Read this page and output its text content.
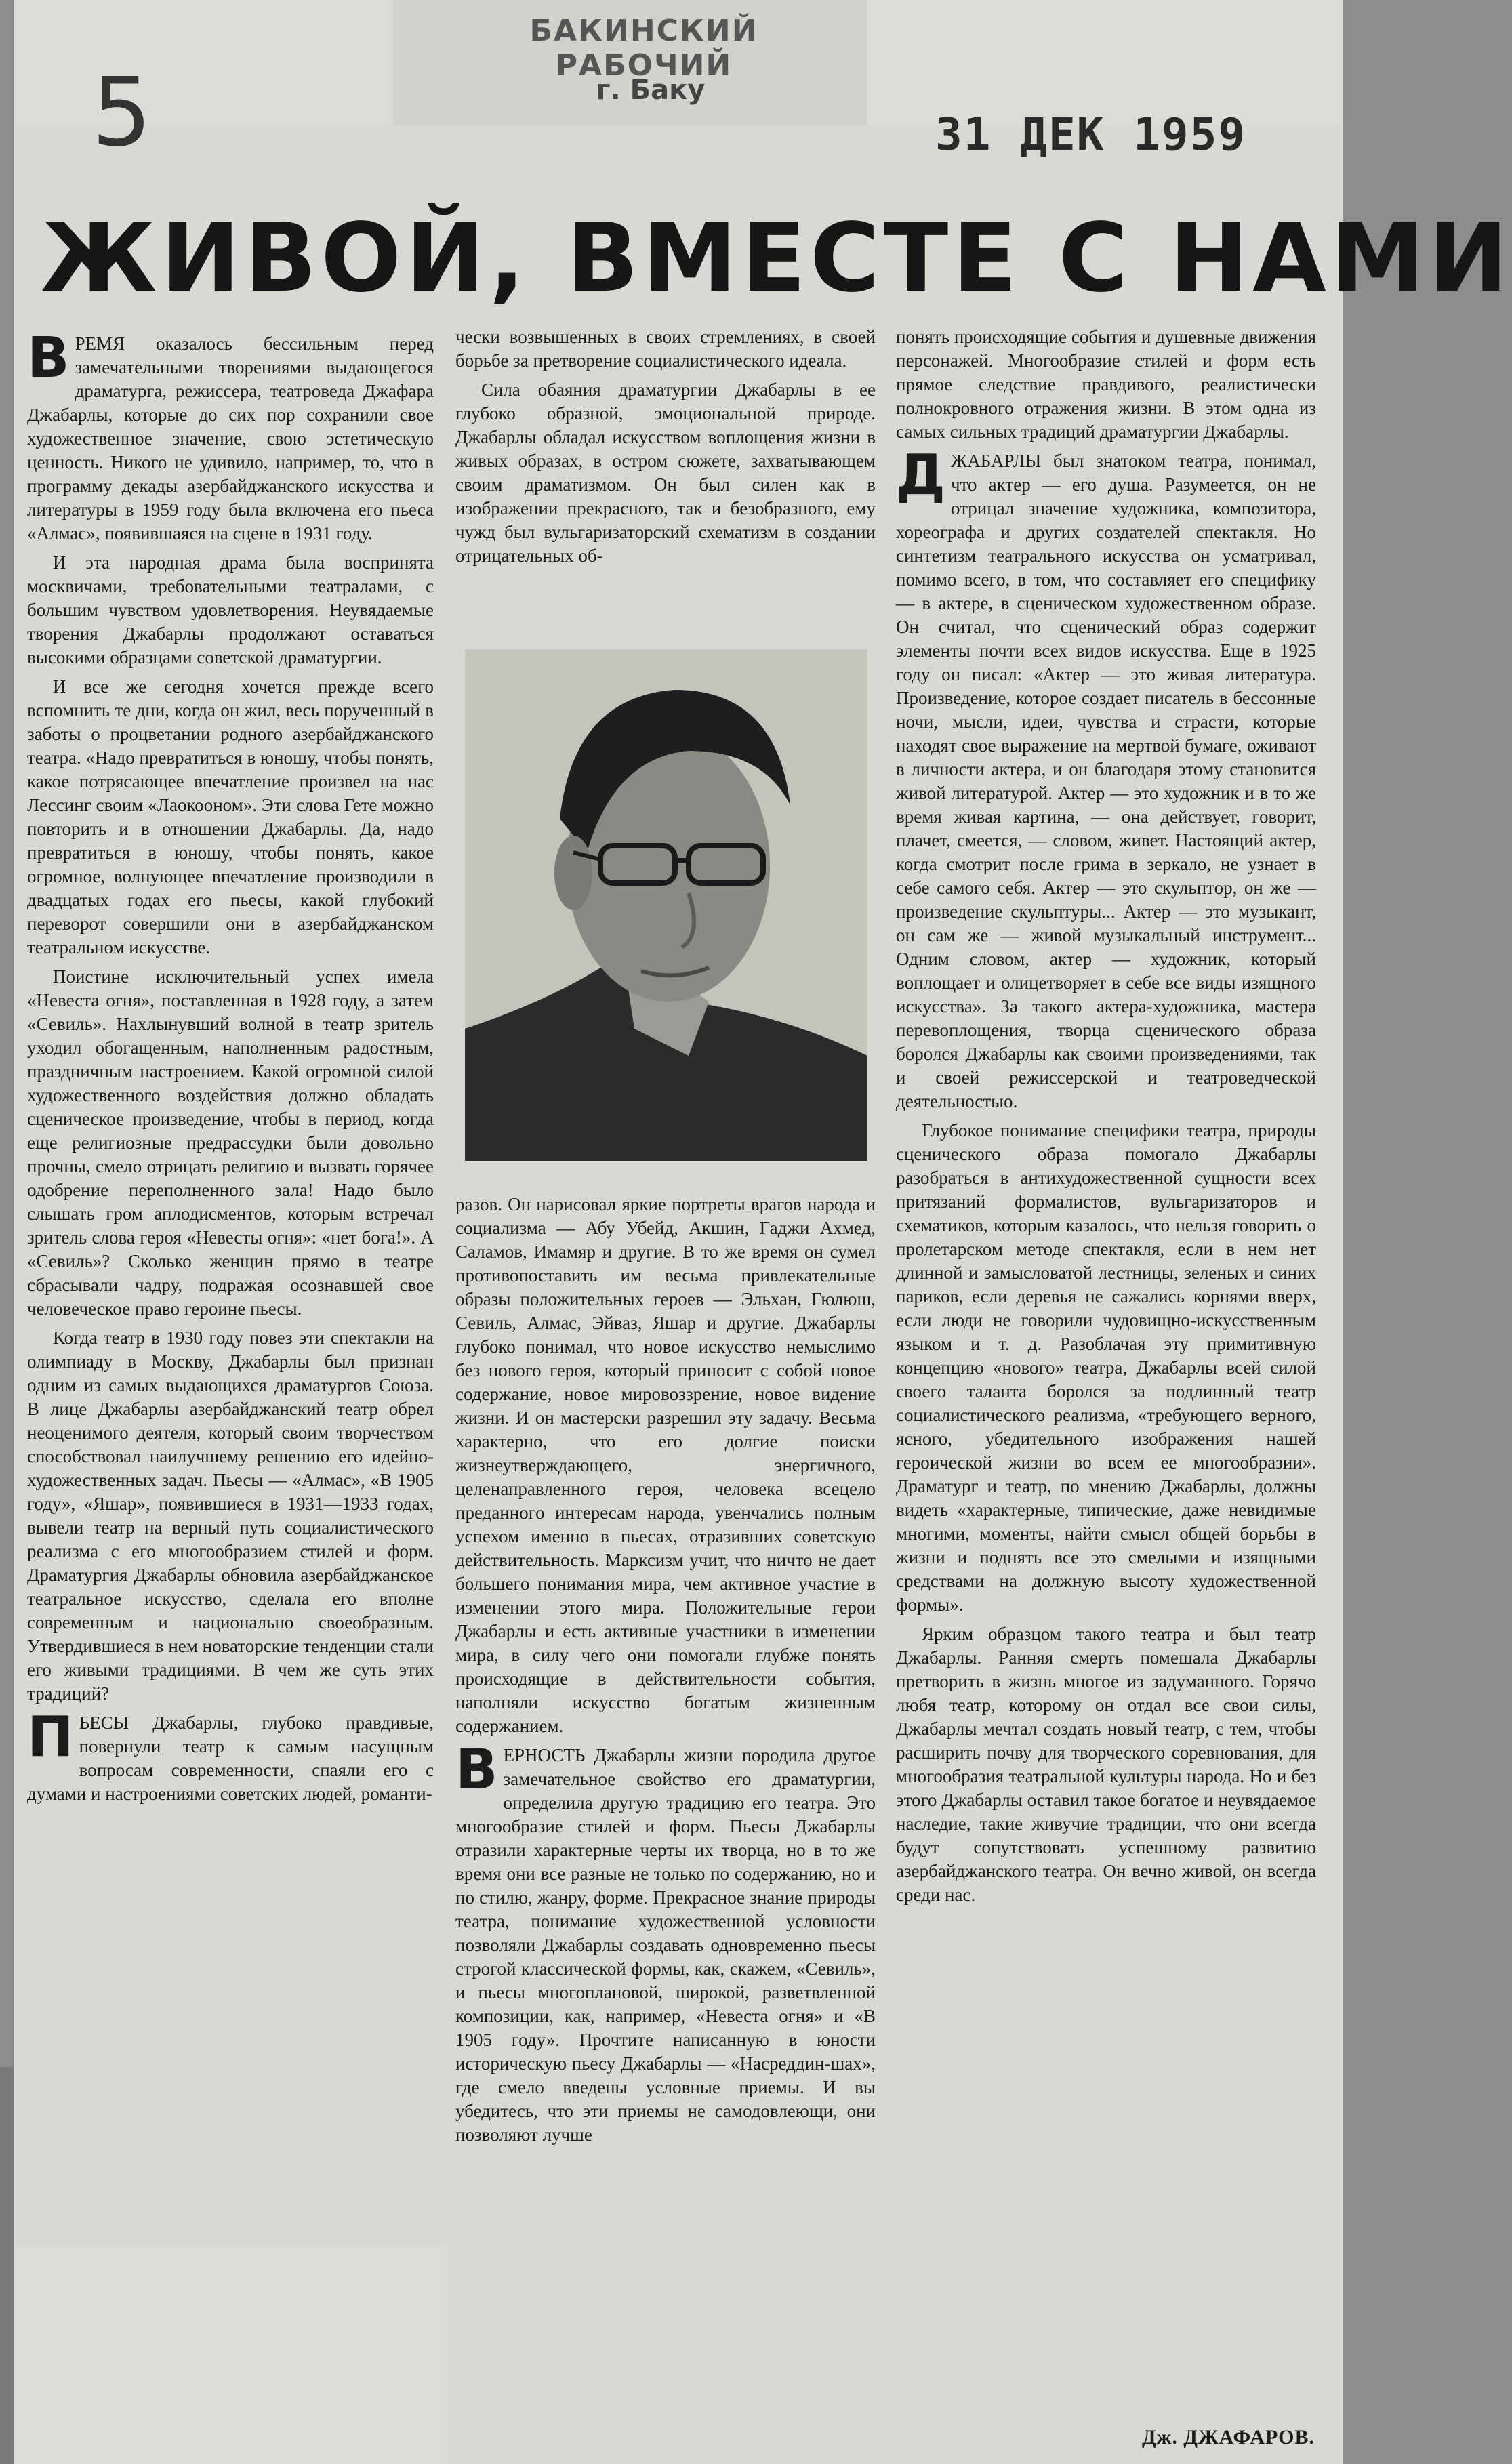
БАКИНСКИЙ РАБОЧИЙ
г. Баку
5	31 ДЕК 1959
ЖИВОЙ, ВМЕСТЕ С НАМИ

ВРЕМЯ оказалось бессильным перед замечательными творениями выдающегося драматурга, режиссера, театроведа Джафара Джабарлы, которые до сих пор сохранили свое художественное значение, свою эстетическую ценность. Никого не удивило, например, то, что в программу декады азербайджанского искусства и литературы в 1959 году была включена его пьеса «Алмас», появившаяся на сцене в 1931 году.

И эта народная драма была воспринята москвичами, требовательными театралами, с большим чувством удовлетворения. Неувядаемые творения Джабарлы продолжают оставаться высокими образцами советской драматургии.

И все же сегодня хочется прежде всего вспомнить те дни, когда он жил, весь порученный в заботы о процветании родного азербайджанского театра. «Надо превратиться в юношу, чтобы понять, какое потрясающее впечатление произвел на нас Лессинг своим «Лаокооном». Эти слова Гете можно повторить и в отношении Джабарлы. Да, надо превратиться в юношу, чтобы понять, какое огромное, волнующее впечатление производили в двадцатых годах его пьесы, какой глубокий переворот совершили они в азербайджанском театральном искусстве.

Поистине исключительный успех имела «Невеста огня», поставленная в 1928 году, а затем «Севиль». Нахлынувший волной в театр зритель уходил обогащенным, наполненным радостным, праздничным настроением. Какой огромной силой художественного воздействия должно обладать сценическое произведение, чтобы в период, когда еще религиозные предрассудки были довольно прочны, смело отрицать религию и вызвать горячее одобрение переполненного зала! Надо было слышать гром аплодисментов, которым встречал зритель слова героя «Невесты огня»: «нет бога!». А «Севиль»? Сколько женщин прямо в театре сбрасывали чадру, подражая осознавшей свое человеческое право героине пьесы.

Когда театр в 1930 году повез эти спектакли на олимпиаду в Москву, Джабарлы был признан одним из самых выдающихся драматургов Союза. В лице Джабарлы азербайджанский театр обрел неоценимого деятеля, который своим творчеством способствовал наилучшему решению его идейно-художественных задач. Пьесы — «Алмас», «В 1905 году», «Яшар», появившиеся в 1931—1933 годах, вывели театр на верный путь социалистического реализма с его многообразием стилей и форм. Драматургия Джабарлы обновила азербайджанское театральное искусство, сделала его вполне современным и национально своеобразным. Утвердившиеся в нем новаторские тенденции стали его живыми традициями. В чем же суть этих традиций?

ПЬЕСЫ Джабарлы, глубоко правдивые, повернули театр к самым насущным вопросам современности, спаяли его с думами и настроениями советских людей, романти-

чески возвышенных в своих стремлениях, в своей борьбе за претворение социалистического идеала.

Сила обаяния драматургии Джабарлы в ее глубоко образной, эмоциональной природе. Джабарлы обладал искусством воплощения жизни в живых образах, в остром сюжете, захватывающем своим драматизмом. Он был силен как в изображении прекрасного, так и безобразного, ему чужд был вульгаризаторский схематизм в создании отрицательных об-

разов. Он нарисовал яркие портреты врагов народа и социализма — Абу Убейд, Акшин, Гаджи Ахмед, Саламов, Имамяр и другие. В то же время он сумел противопоставить им весьма привлекательные образы положительных героев — Эльхан, Гюлюш, Севиль, Алмас, Эйваз, Яшар и другие. Джабарлы глубоко понимал, что новое искусство немыслимо без нового героя, который приносит с собой новое содержание, новое мировоззрение, новое видение жизни. И он мастерски разрешил эту задачу. Весьма характерно, что его долгие поиски жизнеутверждающего, энергичного, целенаправленного героя, человека всецело преданного интересам народа, увенчались полным успехом именно в пьесах, отразивших советскую действительность. Марксизм учит, что ничто не дает большего понимания мира, чем активное участие в изменении этого мира. Положительные герои Джабарлы и есть активные участники в изменении мира, в силу чего они помогали глубже понять происходящие в действительности события, наполняли искусство богатым жизненным содержанием.

ВЕРНОСТЬ Джабарлы жизни породила другое замечательное свойство его драматургии, определила другую традицию его театра. Это многообразие стилей и форм. Пьесы Джабарлы отразили характерные черты их творца, но в то же время они все разные не только по содержанию, но и по стилю, жанру, форме. Прекрасное знание природы театра, понимание художественной условности позволяли Джабарлы создавать одновременно пьесы строгой классической формы, как, скажем, «Севиль», и пьесы многоплановой, широкой, разветвленной композиции, как, например, «Невеста огня» и «В 1905 году». Прочтите написанную в юности историческую пьесу Джабарлы — «Насреддин-шах», где смело введены условные приемы. И вы убедитесь, что эти приемы не самодовлеющи, они позволяют лучше

понять происходящие события и душевные движения персонажей. Многообразие стилей и форм есть прямое следствие правдивого, реалистически полнокровного отражения жизни. В этом одна из самых сильных традиций драматургии Джабарлы.

ДЖАБАРЛЫ был знатоком театра, понимал, что актер — его душа. Разумеется, он не отрицал значение художника, композитора, хореографа и других создателей спектакля. Но синтетизм театрального искусства он усматривал, помимо всего, в том, что составляет его специфику — в актере, в сценическом художественном образе. Он считал, что сценический образ содержит элементы почти всех видов искусства. Еще в 1925 году он писал: «Актер — это живая литература. Произведение, которое создает писатель в бессонные ночи, мысли, идеи, чувства и страсти, которые находят свое выражение на мертвой бумаге, оживают в личности актера, и он благодаря этому становится живой литературой. Актер — это художник и в то же время живая картина, — она действует, говорит, плачет, смеется, — словом, живет. Настоящий актер, когда смотрит после грима в зеркало, не узнает в себе самого себя. Актер — это скульптор, он же — произведение скульптуры... Актер — это музыкант, он сам же — живой музыкальный инструмент... Одним словом, актер — художник, который воплощает и олицетворяет в себе все виды изящного искусства». За такого актера-художника, мастера перевоплощения, творца сценического образа боролся Джабарлы как своими произведениями, так и своей режиссерской и театроведческой деятельностью.

Глубокое понимание специфики театра, природы сценического образа помогало Джабарлы разобраться в антихудожественной сущности всех притязаний формалистов, вульгаризаторов и схематиков, которым казалось, что нельзя говорить о пролетарском методе спектакля, если в нем нет длинной и замысловатой лестницы, зеленых и синих париков, если деревья не сажались корнями вверх, если люди не говорили чудовищно-искусственным языком и т. д. Разоблачая эту примитивную концепцию «нового» театра, Джабарлы всей силой своего таланта боролся за подлинный театр социалистического реализма, «требующего верного, ясного, убедительного изображения нашей героической жизни во всем ее многообразии». Драматург и театр, по мнению Джабарлы, должны видеть «характерные, типические, даже невидимые многими, моменты, найти смысл общей борьбы в жизни и поднять все это смелыми и изящными средствами на должную высоту художественной формы».

Ярким образцом такого театра и был театр Джабарлы. Ранняя смерть помешала Джабарлы претворить в жизнь многое из задуманного. Горячо любя театр, которому он отдал все свои силы, Джабарлы мечтал создать новый театр, с тем, чтобы расширить почву для творческого соревнования, для многообразия театральной культуры народа. Но и без этого Джабарлы оставил такое богатое и неувядаемое наследие, такие живучие традиции, что они всегда будут сопутствовать успешному развитию азербайджанского театра. Он вечно живой, он всегда среди нас.

Дж. ДЖАФАРОВ.
